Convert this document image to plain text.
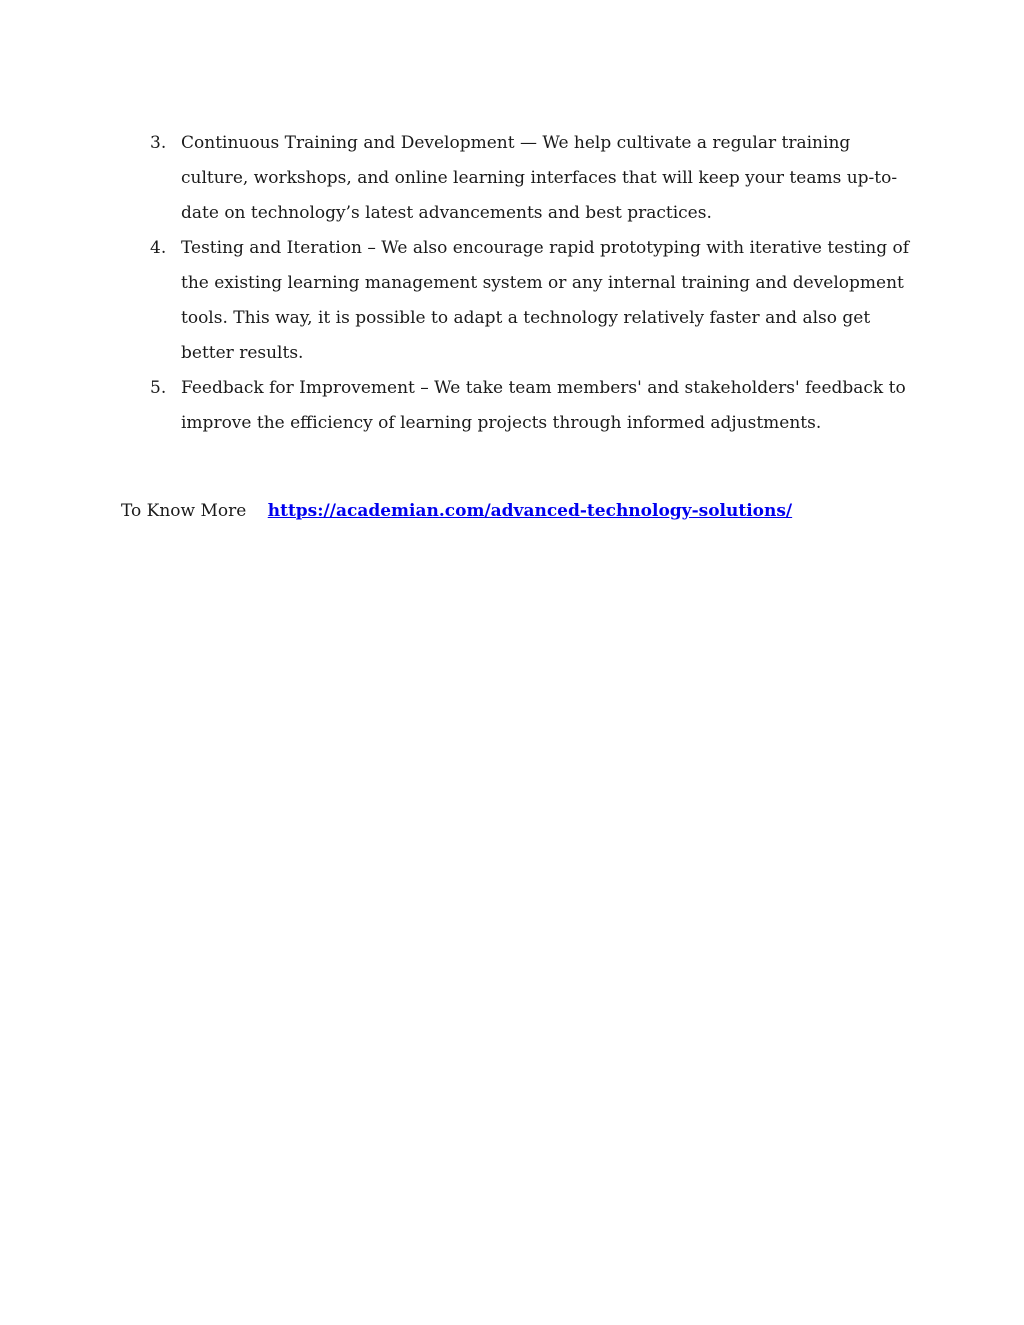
3. Continuous Training and Development — We help cultivate a regular training culture, workshops, and online learning interfaces that will keep your teams up-to-date on technology’s latest advancements and best practices.
4. Testing and Iteration – We also encourage rapid prototyping with iterative testing of the existing learning management system or any internal training and development tools. This way, it is possible to adapt a technology relatively faster and also get better results.
5. Feedback for Improvement – We take team members' and stakeholders' feedback to improve the efficiency of learning projects through informed adjustments.
To Know More https://academian.com/advanced-technology-solutions/
